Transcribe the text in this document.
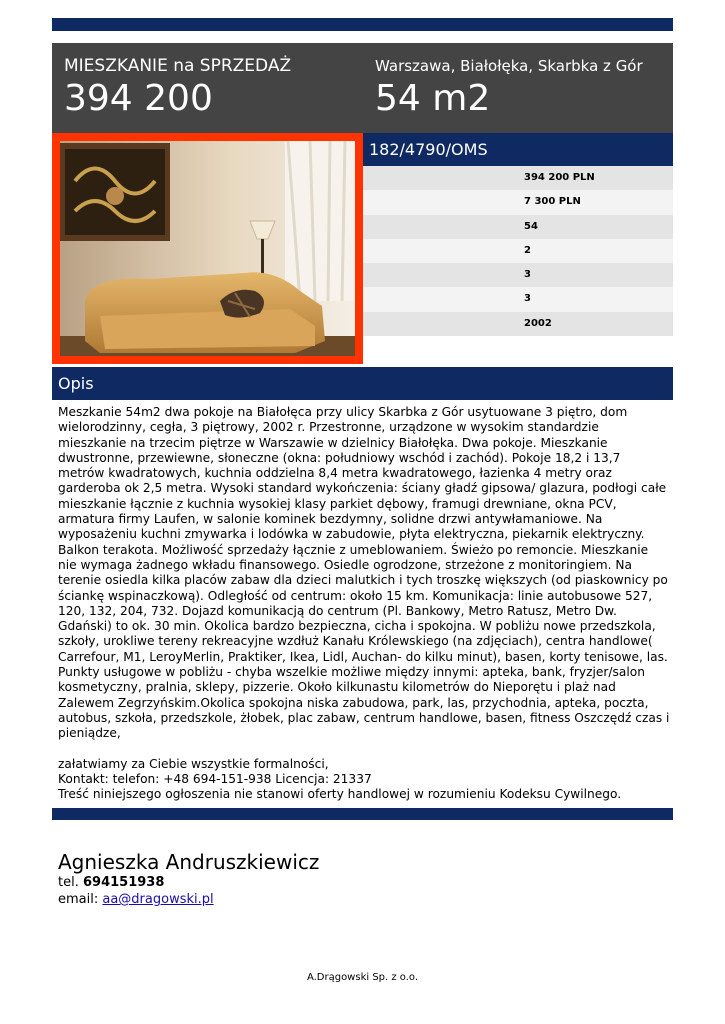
MIESZKANIE na SPRZEDAŻ
394 200
Warszawa, Białołęka, Skarbka z Gór
54 m2
182/4790/OMS
394 200 PLN
7 300 PLN
54
2
3
3
2002
Opis

Meszkanie 54m2 dwa pokoje na Białołęca przy ulicy Skarbka z Gór usytuowane 3 piętro, dom wielorodzinny, cegła, 3 piętrowy, 2002 r. Przestronne, urządzone w wysokim standardzie mieszkanie na trzecim piętrze w Warszawie w dzielnicy Białołęka. Dwa pokoje. Mieszkanie dwustronne, przewiewne, słoneczne (okna: południowy wschód i zachód). Pokoje 18,2 i 13,7 metrów kwadratowych, kuchnia oddzielna 8,4 metra kwadratowego, łazienka 4 metry oraz garderoba ok 2,5 metra. Wysoki standard wykończenia: ściany gładź gipsowa/ glazura, podłogi całe mieszkanie łącznie z kuchnia wysokiej klasy parkiet dębowy, framugi drewniane, okna PCV, armatura firmy Laufen, w salonie kominek bezdymny, solidne drzwi antywłamaniowe. Na wyposażeniu kuchni zmywarka i lodówka w zabudowie, płyta elektryczna, piekarnik elektryczny. Balkon terakota. Możliwość sprzedaży łącznie z umeblowaniem. Świeżo po remoncie. Mieszkanie nie wymaga żadnego wkładu finansowego. Osiedle ogrodzone, strzeżone z monitoringiem. Na terenie osiedla kilka placów zabaw dla dzieci malutkich i tych troszkę większych (od piaskownicy po ściankę wspinaczkową). Odległość od centrum: około 15 km. Komunikacja: linie autobusowe 527, 120, 132, 204, 732. Dojazd komunikacją do centrum (Pl. Bankowy, Metro Ratusz, Metro Dw. Gdański) to ok. 30 min. Okolica bardzo bezpieczna, cicha i spokojna. W pobliżu nowe przedszkola, szkoły, urokliwe tereny rekreacyjne wzdłuż Kanału Królewskiego (na zdjęciach), centra handlowe( Carrefour, M1, LeroyMerlin, Praktiker, Ikea, Lidl, Auchan- do kilku minut), basen, korty tenisowe, las. Punkty usługowe w pobliżu - chyba wszelkie możliwe między innymi: apteka, bank, fryzjer/salon kosmetyczny, pralnia, sklepy, pizzerie. Około kilkunastu kilometrów do Nieporętu i plaż nad Zalewem Zegrzyńskim.Okolica spokojna niska zabudowa, park, las, przychodnia, apteka, poczta, autobus, szkoła, przedszkole, żłobek, plac zabaw, centrum handlowe, basen, fitness Oszczędź czas i pieniądze,

załatwiamy za Ciebie wszystkie formalności,

Kontakt: telefon: +48 694-151-938 Licencja: 21337

Treść niniejszego ogłoszenia nie stanowi oferty handlowej w rozumieniu Kodeksu Cywilnego.

Agnieszka Andruszkiewicz
tel. 694151938
email: aa@dragowski.pl
A.Drągowski Sp. z o.o.
